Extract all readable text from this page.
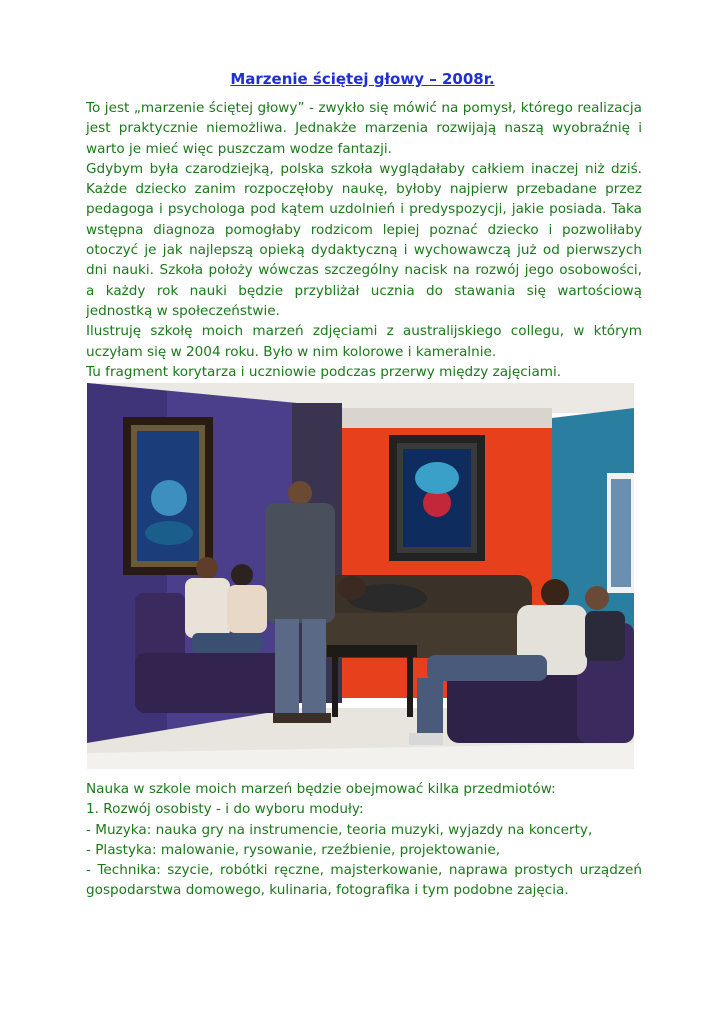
Marzenie ściętej głowy – 2008r.

To jest „marzenie ściętej głowy” - zwykło się mówić na pomysł, którego realizacja jest praktycznie niemożliwa. Jednakże marzenia rozwijają naszą wyobraźnię i warto je mieć więc puszczam wodze fantazji.

Gdybym była czarodziejką, polska szkoła wyglądałaby całkiem inaczej niż dziś. Każde dziecko zanim rozpoczęłoby naukę, byłoby najpierw przebadane przez pedagoga i psychologa pod kątem uzdolnień i predyspozycji, jakie posiada. Taka wstępna diagnoza pomogłaby rodzicom lepiej poznać dziecko i pozwoliłaby otoczyć je jak najlepszą opieką dydaktyczną i wychowawczą już od pierwszych dni nauki. Szkoła położy wówczas szczególny nacisk na rozwój jego osobowości, a każdy rok nauki będzie przybliżał ucznia do stawania się wartościową jednostką w społeczeństwie.

Ilustruję szkołę moich marzeń zdjęciami z australijskiego collegu, w którym uczyłam się w 2004 roku. Było w nim kolorowe i kameralnie.

Tu fragment korytarza i uczniowie podczas przerwy między zajęciami.

Nauka w szkole moich marzeń będzie obejmować kilka przedmiotów:

1. Rozwój osobisty - i do wyboru moduły:

- Muzyka: nauka gry na instrumencie, teoria muzyki, wyjazdy na koncerty,

- Plastyka: malowanie, rysowanie, rzeźbienie, projektowanie,

- Technika: szycie, robótki ręczne, majsterkowanie, naprawa prostych urządzeń gospodarstwa domowego, kulinaria, fotografika i tym podobne zajęcia.
